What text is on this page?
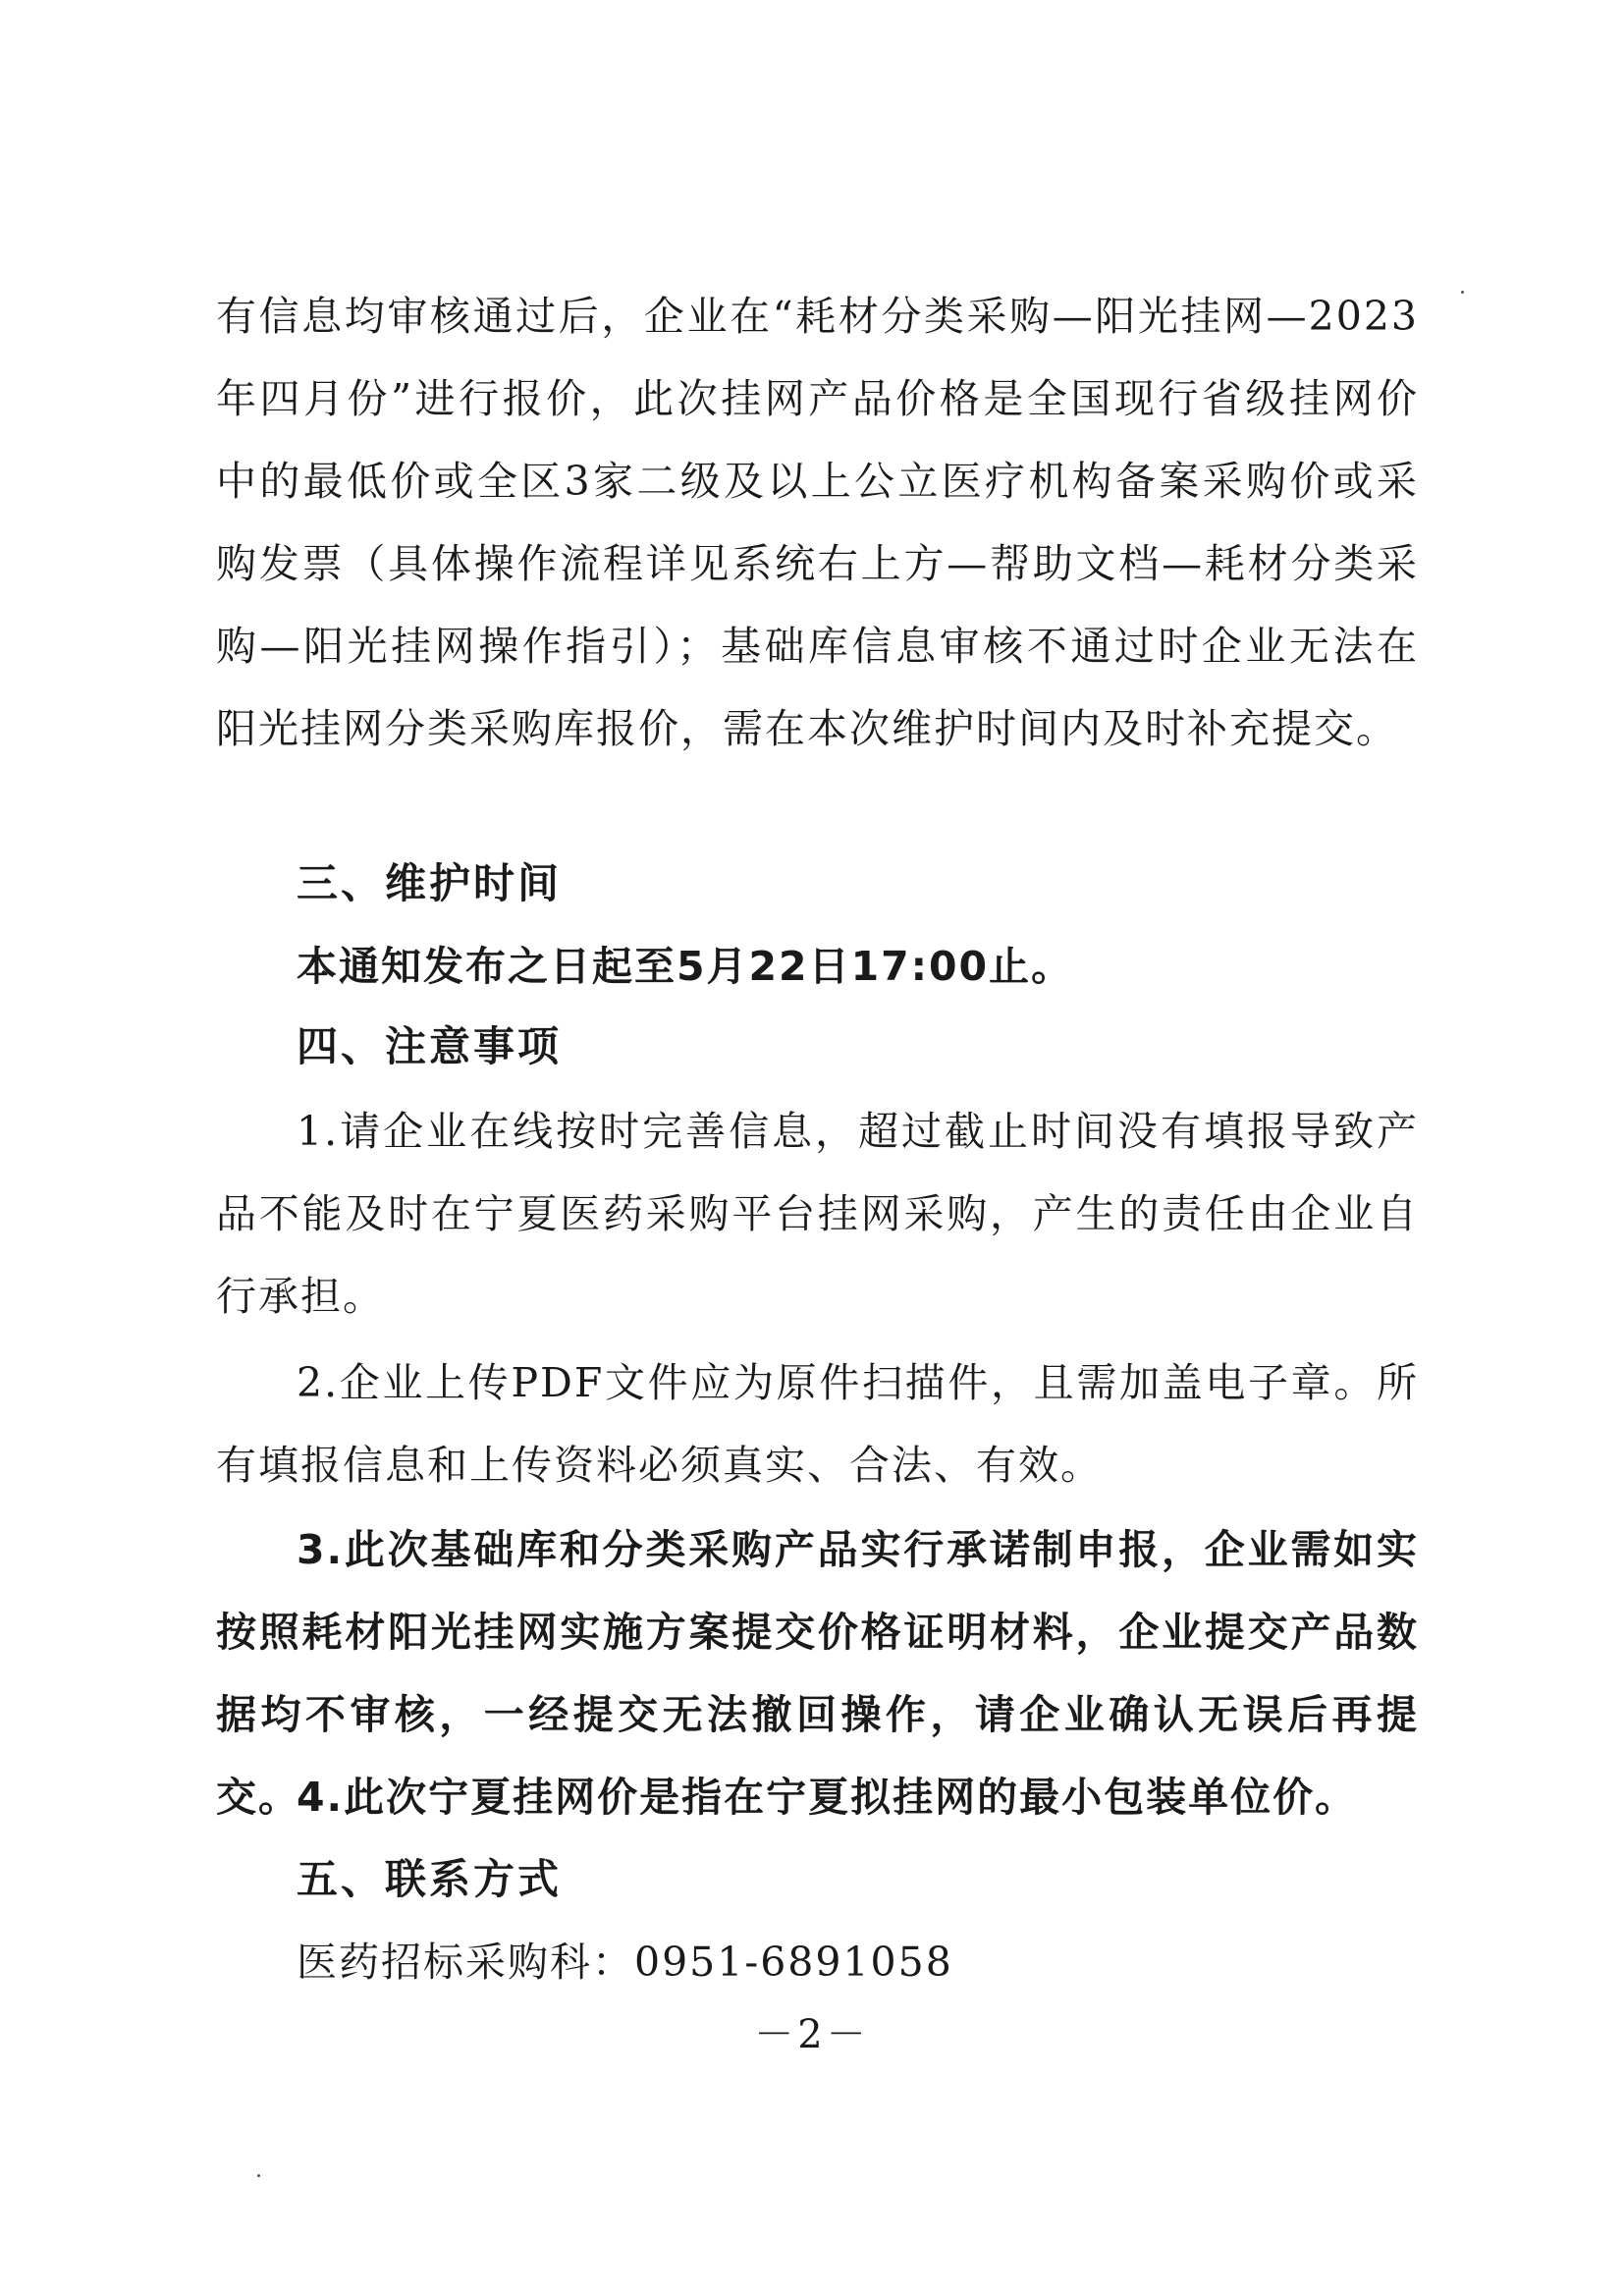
有信息均审核通过后，企业在“耗材分类采购—阳光挂网—2023年四月份”进行报价，此次挂网产品价格是全国现行省级挂网价中的最低价或全区3家二级及以上公立医疗机构备案采购价或采购发票（具体操作流程详见系统右上方—帮助文档—耗材分类采购—阳光挂网操作指引）；基础库信息审核不通过时企业无法在阳光挂网分类采购库报价，需在本次维护时间内及时补充提交。

三、维护时间

本通知发布之日起至5月22日17:00止。

四、注意事项

1.请企业在线按时完善信息，超过截止时间没有填报导致产品不能及时在宁夏医药采购平台挂网采购，产生的责任由企业自行承担。

2.企业上传PDF文件应为原件扫描件，且需加盖电子章。所有填报信息和上传资料必须真实、合法、有效。

3.此次基础库和分类采购产品实行承诺制申报，企业需如实按照耗材阳光挂网实施方案提交价格证明材料，企业提交产品数据均不审核，一经提交无法撤回操作，请企业确认无误后再提交。

4.此次宁夏挂网价是指在宁夏拟挂网的最小包装单位价。

五、联系方式

医药招标采购科：0951-6891058

－2－
